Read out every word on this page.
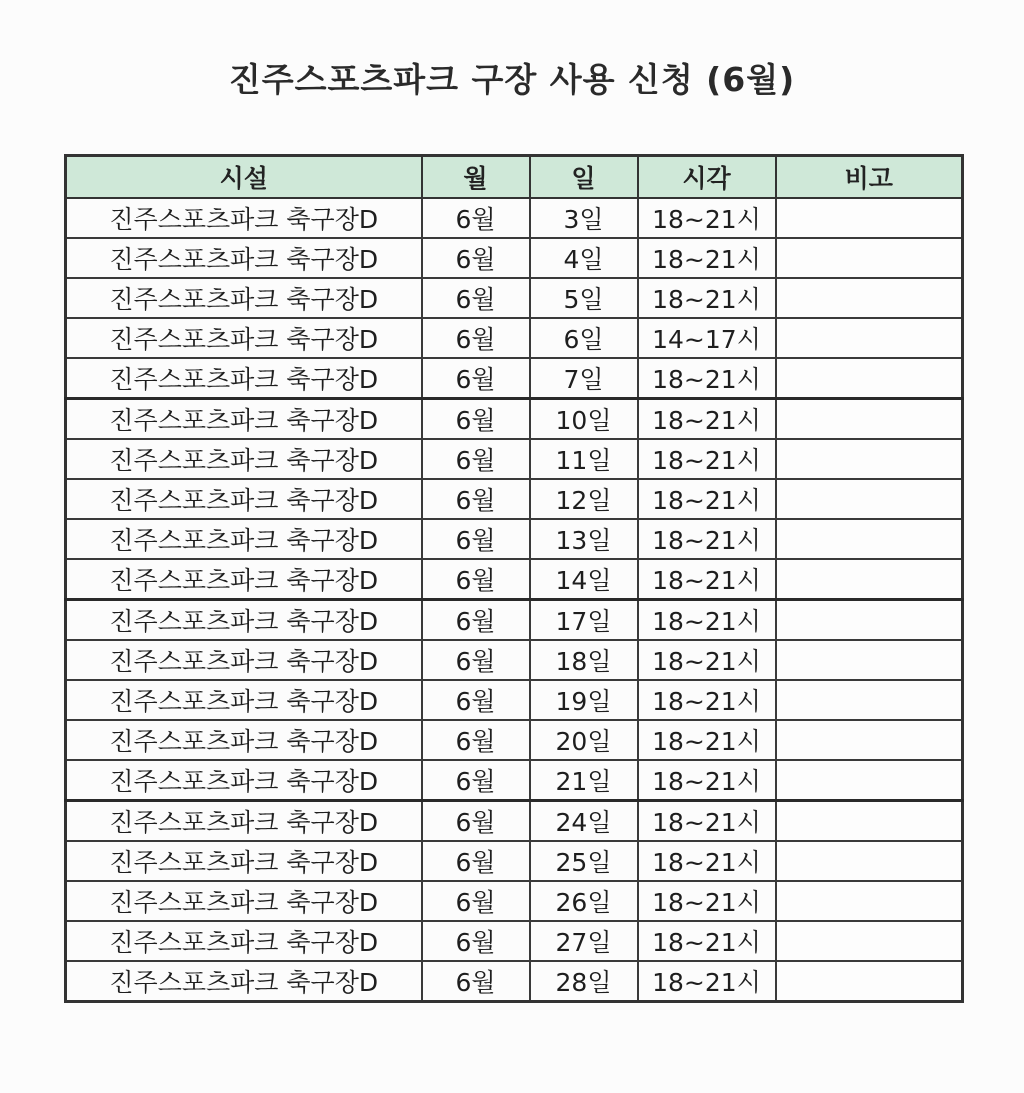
진주스포츠파크 구장 사용 신청 (6월)
시설	월	일	시각	비고
진주스포츠파크 축구장D	6월	3일	18~21시	
진주스포츠파크 축구장D	6월	4일	18~21시	
진주스포츠파크 축구장D	6월	5일	18~21시	
진주스포츠파크 축구장D	6월	6일	14~17시	
진주스포츠파크 축구장D	6월	7일	18~21시	
진주스포츠파크 축구장D	6월	10일	18~21시	
진주스포츠파크 축구장D	6월	11일	18~21시	
진주스포츠파크 축구장D	6월	12일	18~21시	
진주스포츠파크 축구장D	6월	13일	18~21시	
진주스포츠파크 축구장D	6월	14일	18~21시	
진주스포츠파크 축구장D	6월	17일	18~21시	
진주스포츠파크 축구장D	6월	18일	18~21시	
진주스포츠파크 축구장D	6월	19일	18~21시	
진주스포츠파크 축구장D	6월	20일	18~21시	
진주스포츠파크 축구장D	6월	21일	18~21시	
진주스포츠파크 축구장D	6월	24일	18~21시	
진주스포츠파크 축구장D	6월	25일	18~21시	
진주스포츠파크 축구장D	6월	26일	18~21시	
진주스포츠파크 축구장D	6월	27일	18~21시	
진주스포츠파크 축구장D	6월	28일	18~21시	
